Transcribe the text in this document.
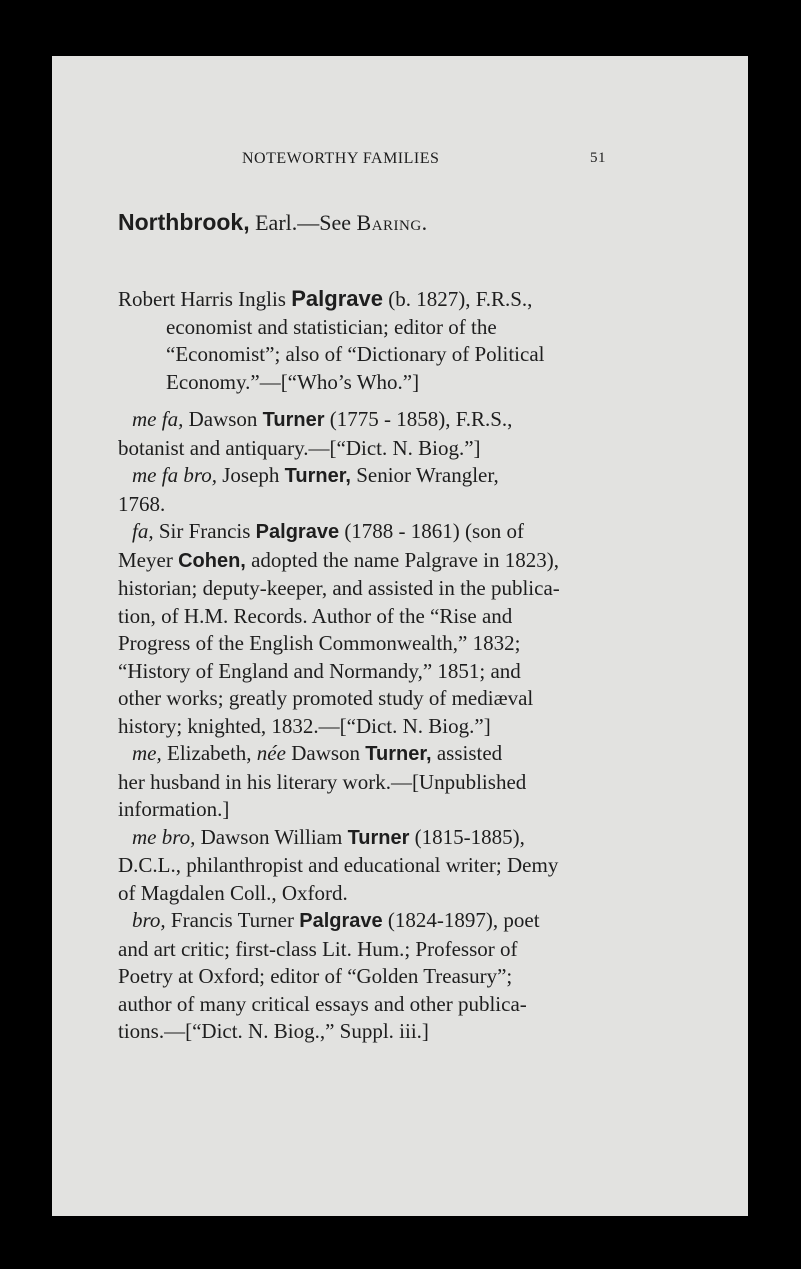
NOTEWORTHY FAMILIES	51
Northbrook, Earl.—See Baring.
Robert Harris Inglis Palgrave (b. 1827), F.R.S.,
economist and statistician; editor of the
“Economist”; also of “Dictionary of Political
Economy.”—[“Who’s Who.”]
me fa, Dawson Turner (1775 - 1858), F.R.S.,
botanist and antiquary.—[“Dict. N. Biog.”]
me fa bro, Joseph Turner, Senior Wrangler,
1768.
fa, Sir Francis Palgrave (1788 - 1861) (son of
Meyer Cohen, adopted the name Palgrave in 1823),
historian; deputy-keeper, and assisted in the publica-
tion, of H.M. Records. Author of the “Rise and
Progress of the English Commonwealth,” 1832;
“History of England and Normandy,” 1851; and
other works; greatly promoted study of mediæval
history; knighted, 1832.—[“Dict. N. Biog.”]
me, Elizabeth, née Dawson Turner, assisted
her husband in his literary work.—[Unpublished
information.]
me bro, Dawson William Turner (1815-1885),
D.C.L., philanthropist and educational writer; Demy
of Magdalen Coll., Oxford.
bro, Francis Turner Palgrave (1824-1897), poet
and art critic; first-class Lit. Hum.; Professor of
Poetry at Oxford; editor of “Golden Treasury”;
author of many critical essays and other publica-
tions.—[“Dict. N. Biog.,” Suppl. iii.]
